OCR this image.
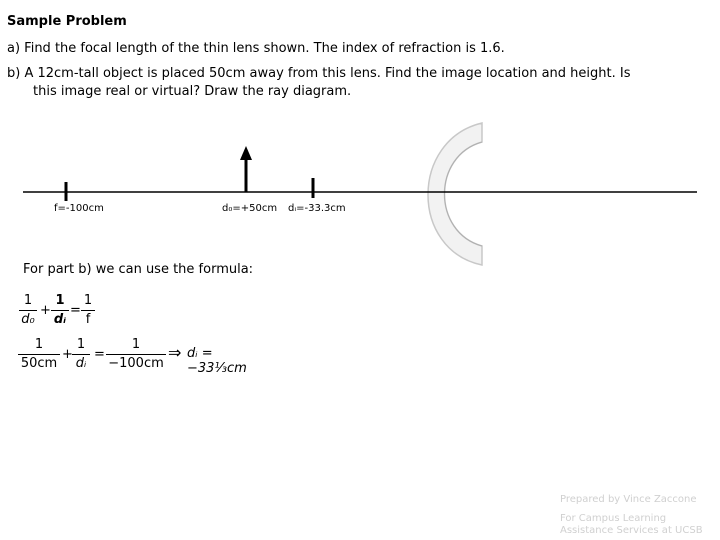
Sample Problem
a) Find the focal length of the thin lens shown. The index of refraction is 1.6.
b) A 12cm-tall object is placed 50cm away from this lens. Find the image location and height. Is
this image real or virtual? Draw the ray diagram.
f=-100cm	d₀=+50cm dᵢ=-33.3cm
For part b) we can use the formula:
1
d₀
+
1
dᵢ
=
1
f
1
50cm
+
1
dᵢ
=
1
−100cm
⇒ dᵢ = −33⅓cm
Prepared by Vince Zaccone
For Campus Learning
Assistance Services at UCSB
